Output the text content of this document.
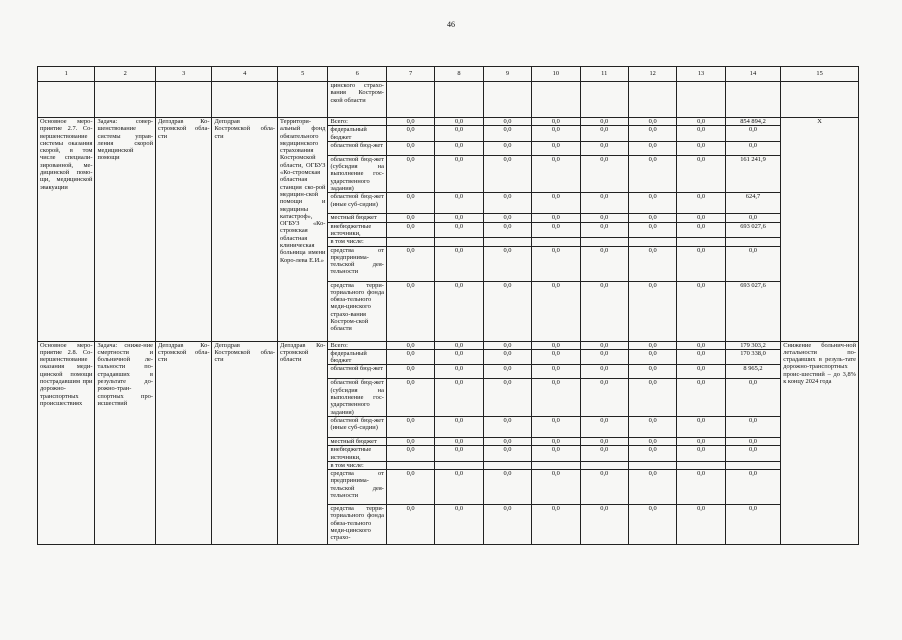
46
1	2	3	4	5	6	7	8	9	10	11	12	13	14	15
					цинского страхо-вания Костром-ской области									
Основное меро-приятие 2.7. Со-вершенствование системы оказания скорой, в том числе специали-зированной, ме-дицинской помо-щи, медицинской эвакуации	Задача: совер-шенствование системы управ-ления скорой медицинской помощи	Депздрав Ко-стромской обла-сти	Депздрав Костромской обла-сти	Территори-альный фонд обязательного медицинского страхования Костромской области, ОГБУЗ «Ко-стромская областная станция ско-рой медицин-ской помощи и медицины катастроф», ОГБУЗ «Ко-стромская областная клиническая больница имени Коро-лева Е.И.»	Всего:	0,0	0,0	0,0	0,0	0,0	0,0	0,0	854 894,2	Х
					федеральный бюджет	0,0	0,0	0,0	0,0	0,0	0,0	0,0	0,0	
					областной бюд-жет	0,0	0,0	0,0	0,0	0,0	0,0	0,0	0,0	
					областной бюд-жет (субсидия на выполнение гос-ударственного задания)	0,0	0,0	0,0	0,0	0,0	0,0	0,0	161 241,9	
					областной бюд-жет (иные суб-сидии)	0,0	0,0	0,0	0,0	0,0	0,0	0,0	624,7	
					местный бюджет	0,0	0,0	0,0	0,0	0,0	0,0	0,0	0,0	
					внебюджетные источники,	0,0	0,0	0,0	0,0	0,0	0,0	0,0	693 027,6	
					в том числе:									
					средства от предпринима-тельской дея-тельности	0,0	0,0	0,0	0,0	0,0	0,0	0,0	0,0	
					средства терри-ториального фонда обяза-тельного меди-цинского страхо-вания Костром-ской области	0,0	0,0	0,0	0,0	0,0	0,0	0,0	693 027,6	
Основное меро-приятие 2.8. Со-вершенствование оказания меди-цинской помощи пострадавшим при дорожно-транспортных происшествиях	Задача: сниже-ние смертности и больничной ле-тальности по-страдавших в результате до-рожно-тран-спортных про-исшествий	Депздрав Ко-стромской обла-сти	Депздрав Костромской обла-сти	Депздрав Ко-стромской области	Всего:	0,0	0,0	0,0	0,0	0,0	0,0	0,0	179 303,2	Снижение больнич-ной летальности по-страдавших в резуль-тате дорожно-транспортных проис-шествий – до 3,8% к концу 2024 года
					федеральный бюджет	0,0	0,0	0,0	0,0	0,0	0,0	0,0	170 338,0	
					областной бюд-жет	0,0	0,0	0,0	0,0	0,0	0,0	0,0	8 965,2	
					областной бюд-жет (субсидия на выполнение гос-ударственного задания)	0,0	0,0	0,0	0,0	0,0	0,0	0,0	0,0	
					областной бюд-жет (иные суб-сидии)	0,0	0,0	0,0	0,0	0,0	0,0	0,0	0,0	
					местный бюджет	0,0	0,0	0,0	0,0	0,0	0,0	0,0	0,0	
					внебюджетные источники,	0,0	0,0	0,0	0,0	0,0	0,0	0,0	0,0	
					в том числе:									
					средства от предпринима-тельской дея-тельности	0,0	0,0	0,0	0,0	0,0	0,0	0,0	0,0	
					средства терри-ториального фонда обяза-тельного меди-цинского страхо-	0,0	0,0	0,0	0,0	0,0	0,0	0,0	0,0	
